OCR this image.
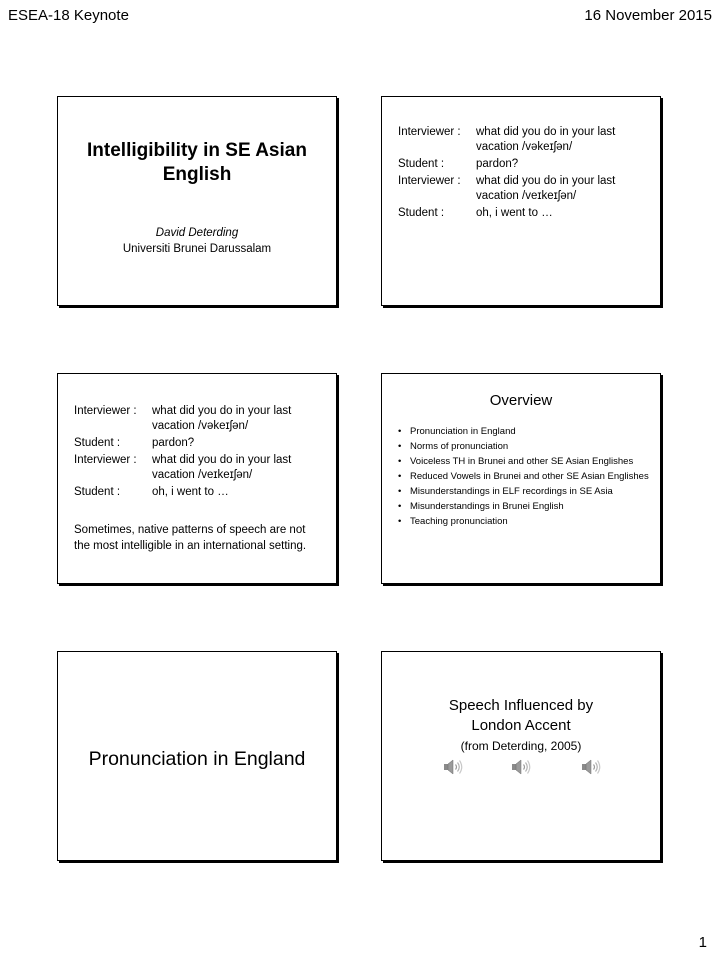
ESEA-18 Keynote	16 November 2015
Intelligibility in SE Asian
English
David Deterding
Universiti Brunei Darussalam
Interviewer :	what did you do in your last vacation /vəkeɪʃən/
Student :	pardon?
Interviewer :	what did you do in your last vacation /veɪkeɪʃən/
Student :	oh, i went to …
Interviewer :	what did you do in your last vacation /vəkeɪʃən/
Student :	pardon?
Interviewer :	what did you do in your last vacation /veɪkeɪʃən/
Student :	oh, i went to …
Sometimes, native patterns of speech are not the most intelligible in an international setting.
Overview
• Pronunciation in England
• Norms of pronunciation
• Voiceless TH in Brunei and other SE Asian Englishes
• Reduced Vowels in Brunei and other SE Asian Englishes
• Misunderstandings in ELF recordings in SE Asia
• Misunderstandings in Brunei English
• Teaching pronunciation
Pronunciation in England
Speech Influenced by
London Accent
(from Deterding, 2005)
1
